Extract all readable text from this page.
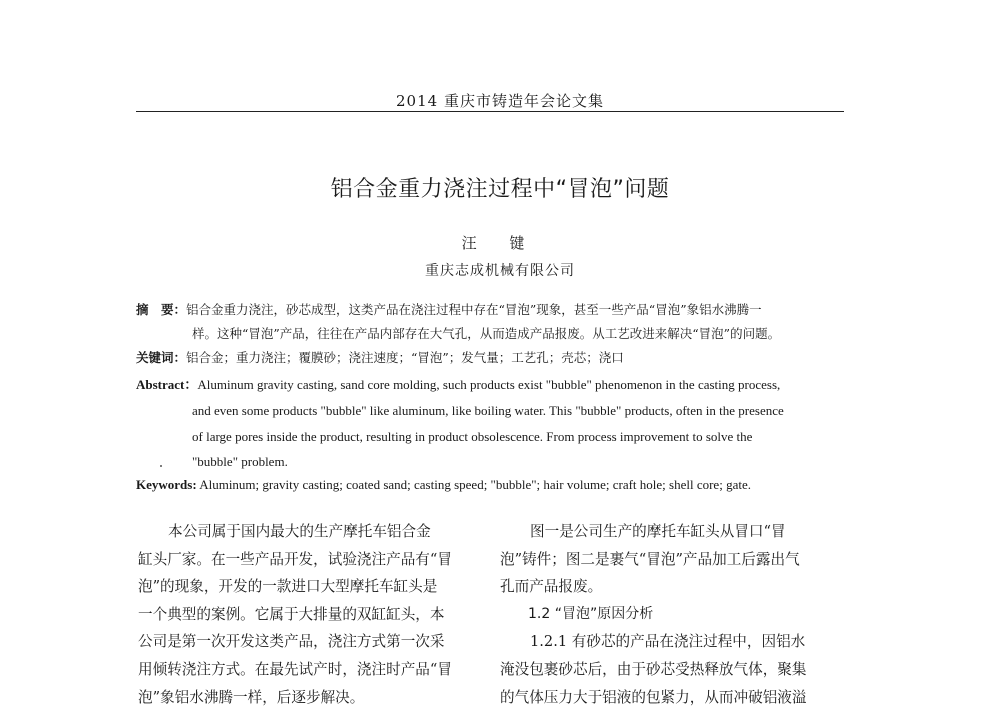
2014 重庆市铸造年会论文集
铝合金重力浇注过程中“冒泡”问题
汪 键
重庆志成机械有限公司
摘　要：铝合金重力浇注，砂芯成型，这类产品在浇注过程中存在“冒泡”现象，甚至一些产品“冒泡”象铝水沸腾一
样。这种“冒泡”产品，往往在产品内部存在大气孔，从而造成产品报废。从工艺改进来解决“冒泡”的问题。
关键词：铝合金；重力浇注；覆膜砂；浇注速度；“冒泡”；发气量；工艺孔；壳芯；浇口
Abstract：Aluminum gravity casting, sand core molding, such products exist "bubble" phenomenon in the casting process,
and even some products "bubble" like aluminum, like boiling water. This "bubble" products, often in the presence
of large pores inside the product, resulting in product obsolescence. From process improvement to solve the
"bubble" problem.
Keywords: Aluminum; gravity casting; coated sand; casting speed; "bubble"; hair volume; craft hole; shell core; gate.

本公司属于国内最大的生产摩托车铝合金

缸头厂家。在一些产品开发，试验浇注产品有“冒

泡”的现象，开发的一款进口大型摩托车缸头是

一个典型的案例。它属于大排量的双缸缸头，本

公司是第一次开发这类产品，浇注方式第一次采

用倾转浇注方式。在最先试产时，浇注时产品“冒

泡”象铝水沸腾一样，后逐步解决。

图一是公司生产的摩托车缸头从冒口“冒

泡”铸件；图二是裹气“冒泡”产品加工后露出气

孔而产品报废。

1.2 “冒泡”原因分析

1.2.1 有砂芯的产品在浇注过程中，因铝水

淹没包裹砂芯后，由于砂芯受热释放气体，聚集

的气体压力大于铝液的包紧力，从而冲破铝液溢
